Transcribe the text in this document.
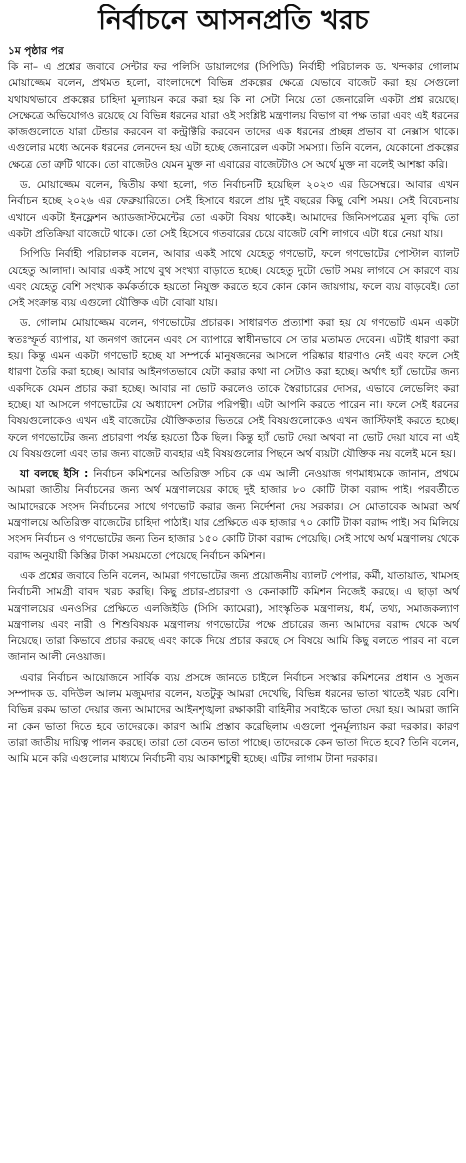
নির্বাচনে আসনপ্রতি খরচ
১ম পৃষ্ঠার পর

কি না– এ প্রশ্নের জবাবে সেন্টার ফর পলিসি ডায়ালগের (সিপিডি) নির্বাহী পরিচালক ড. খন্দকার গোলাম মোয়াজ্জেম বলেন, প্রথমত হলো, বাংলাদেশে বিভিন্ন প্রকল্পের ক্ষেত্রে যেভাবে বাজেট করা হয় সেগুলো যথাযথভাবে প্রকল্পের চাহিদা মূল্যায়ন করে করা হয় কি না সেটা নিয়ে তো জেনারেলি একটা প্রশ্ন রয়েছে। সেক্ষেত্রে অভিযোগও রয়েছে যে বিভিন্ন ধরনের যারা ওই সংশ্লিষ্ট মন্ত্রণালয় বিভাগ বা পক্ষ তারা এবং এই ধরনের কাজগুলোতে যারা টেন্ডার করবেন বা কন্ট্রাক্টরি করবেন তাদের এক ধরনের প্রচ্ছন্ন প্রভাব বা নেক্সাস থাকে। এগুলোর মধ্যে অনেক ধরনের লেনদেন হয় এটা হচ্ছে জেনারেল একটা সমস্যা। তিনি বলেন, যেকোনো প্রকল্পের ক্ষেত্রে তো ত্রুটি থাকে। তো বাজেটও যেমন মুক্ত না এবারের বাজেটটাও সে অর্থে মুক্ত না বলেই আশঙ্কা করি।

ড. মোয়াজ্জেম বলেন, দ্বিতীয় কথা হলো, গত নির্বাচনটি হয়েছিল ২০২৩ এর ডিসেম্বরে। আবার এখন নির্বাচন হচ্ছে ২০২৬ এর ফেব্রুয়ারিতে। সেই হিসাবে ধরলে প্রায় দুই বছরের কিছু বেশি সময়। সেই বিবেচনায় এখানে একটা ইনফ্লেশন অ্যাডজাস্টমেন্টের তো একটা বিষয় থাকেই। আমাদের জিনিসপত্রের মূল্য বৃদ্ধি তো একটা প্রতিক্রিয়া বাজেটে থাকে। তো সেই হিসেবে গতবারের চেয়ে বাজেট বেশি লাগবে এটা ধরে নেয়া যায়।

সিপিডি নির্বাহী পরিচালক বলেন, আবার একই সাথে যেহেতু গণভোট, ফলে গণভোটের পোস্টাল ব্যালট যেহেতু আলাদা। আবার একই সাথে বুথ সংখ্যা বাড়াতে হচ্ছে। যেহেতু দুটো ভোট সময় লাগবে সে কারণে ব্যয় এবং যেহেতু বেশি সংখ্যক কর্মকর্তাকে হয়তো নিযুক্ত করতে হবে কোন কোন জায়গায়, ফলে ব্যয় বাড়বেই। তো সেই সংক্রান্ত ব্যয় এগুলো যৌক্তিক এটা বোঝা যায়।

ড. গোলাম মোয়াজ্জেম বলেন, গণভোটের প্রচারক। সাধারণত প্রত্যাশা করা হয় যে গণভোট এমন একটা স্বতঃস্ফূর্ত ব্যাপার, যা জনগণ জানেন এবং সে ব্যাপারে স্বাধীনভাবে সে তার মতামত দেবেন। এটাই ধারণা করা হয়। কিন্তু এমন একটা গণভোট হচ্ছে যা সম্পর্কে মানুষজনের আসলে পরিষ্কার ধারণাও নেই এবং ফলে সেই ধারণা তৈরি করা হচ্ছে। আবার আইনগতভাবে যেটা করার কথা না সেটাও করা হচ্ছে। অর্থাৎ হ্যাঁ ভোটের জন্য একদিকে যেমন প্রচার করা হচ্ছে। আবার না ভোট করলেও তাকে স্বৈরাচারের দোসর, এভাবে লেভেলিং করা হচ্ছে। যা আসলে গণভোটের যে অধ্যাদেশ সেটার পরিপন্থী। এটা আপনি করতে পারেন না। ফলে সেই ধরনের বিষয়গুলোকেও এখন এই বাজেটের যৌক্তিকতার ভিতরে সেই বিষয়গুলোকেও এখন জাস্টিফাই করতে হচ্ছে। ফলে গণভোটের জন্য প্রচারণা পর্যন্ত হয়তো ঠিক ছিল। কিন্তু হ্যাঁ ভোট দেয়া অথবা না ভোট দেয়া যাবে না এই যে বিষয়গুলো এবং তার জন্য বাজেট ব্যবহার এই বিষয়গুলোর পিছনে অর্থ ব্যয়টা যৌক্তিক নয় বলেই মনে হয়।

যা বলছে ইসি : নির্বাচন কমিশনের অতিরিক্ত সচিব কে এম আলী নেওয়াজ গণমাধ্যমকে জানান, প্রথমে আমরা জাতীয় নির্বাচনের জন্য অর্থ মন্ত্রণালয়ের কাছে দুই হাজার ৮০ কোটি টাকা বরাদ্দ পাই। পরবর্তীতে আমাদেরকে সংসদ নির্বাচনের সাথে গণভোট করার জন্য নির্দেশনা দেয় সরকার। সে মোতাবেক আমরা অর্থ মন্ত্রণালয়ে অতিরিক্ত বাজেটের চাহিদা পাঠাই। যার প্রেক্ষিতে এক হাজার ৭০ কোটি টাকা বরাদ্দ পাই। সব মিলিয়ে সংসদ নির্বাচন ও গণভোটের জন্য তিন হাজার ১৫০ কোটি টাকা বরাদ্দ পেয়েছি। সেই সাথে অর্থ মন্ত্রণালয় থেকে বরাদ্দ অনুযায়ী কিস্তির টাকা সময়মতো পেয়েছে নির্বাচন কমিশন।

এক প্রশ্নের জবাবে তিনি বলেন, আমরা গণভোটের জন্য প্রয়োজনীয় ব্যালট পেপার, কর্মী, যাতায়াত, খামসহ নির্বাচনী সামগ্রী বাবদ খরচ করছি। কিছু প্রচার-প্রচারণা ও কেনাকাটি কমিশন নিজেই করছে। এ ছাড়া অর্থ মন্ত্রণালয়ের এনওসির প্রেক্ষিতে এলজিইডি (সিসি ক্যামেরা), সাংস্কৃতিক মন্ত্রণালয়, ধর্ম, তথ্য, সমাজকল্যাণ মন্ত্রণালয় এবং নারী ও শিশুবিষয়ক মন্ত্রণালয় গণভোটের পক্ষে প্রচারের জন্য আমাদের বরাদ্দ থেকে অর্থ নিয়েছে। তারা কিভাবে প্রচার করছে এবং কাকে দিয়ে প্রচার করছে সে বিষয়ে আমি কিছু বলতে পারব না বলে জানান আলী নেওয়াজ।

এবার নির্বাচন আয়োজনে সার্বিক ব্যয় প্রসঙ্গে জানতে চাইলে নির্বাচন সংস্কার কমিশনের প্রধান ও সুজন সম্পাদক ড. বদিউল আলম মজুমদার বলেন, যতটুকু আমরা দেখেছি, বিভিন্ন ধরনের ভাতা খাতেই খরচ বেশি। বিভিন্ন রকম ভাতা দেয়ার জন্য আমাদের আইনশৃঙ্খলা রক্ষাকারী বাহিনীর সবাইকে ভাতা দেয়া হয়। আমরা জানি না কেন ভাতা দিতে হবে তাদেরকে। কারণ আমি প্রস্তাব করেছিলাম এগুলো পুনর্মূল্যায়ন করা দরকার। কারণ তারা জাতীয় দায়িত্ব পালন করছে। তারা তো বেতন ভাতা পাচ্ছে। তাদেরকে কেন ভাতা দিতে হবে? তিনি বলেন, আমি মনে করি এগুলোর মাধ্যমে নির্বাচনী ব্যয় আকাশচুম্বী হচ্ছে। এটির লাগাম টানা দরকার।
